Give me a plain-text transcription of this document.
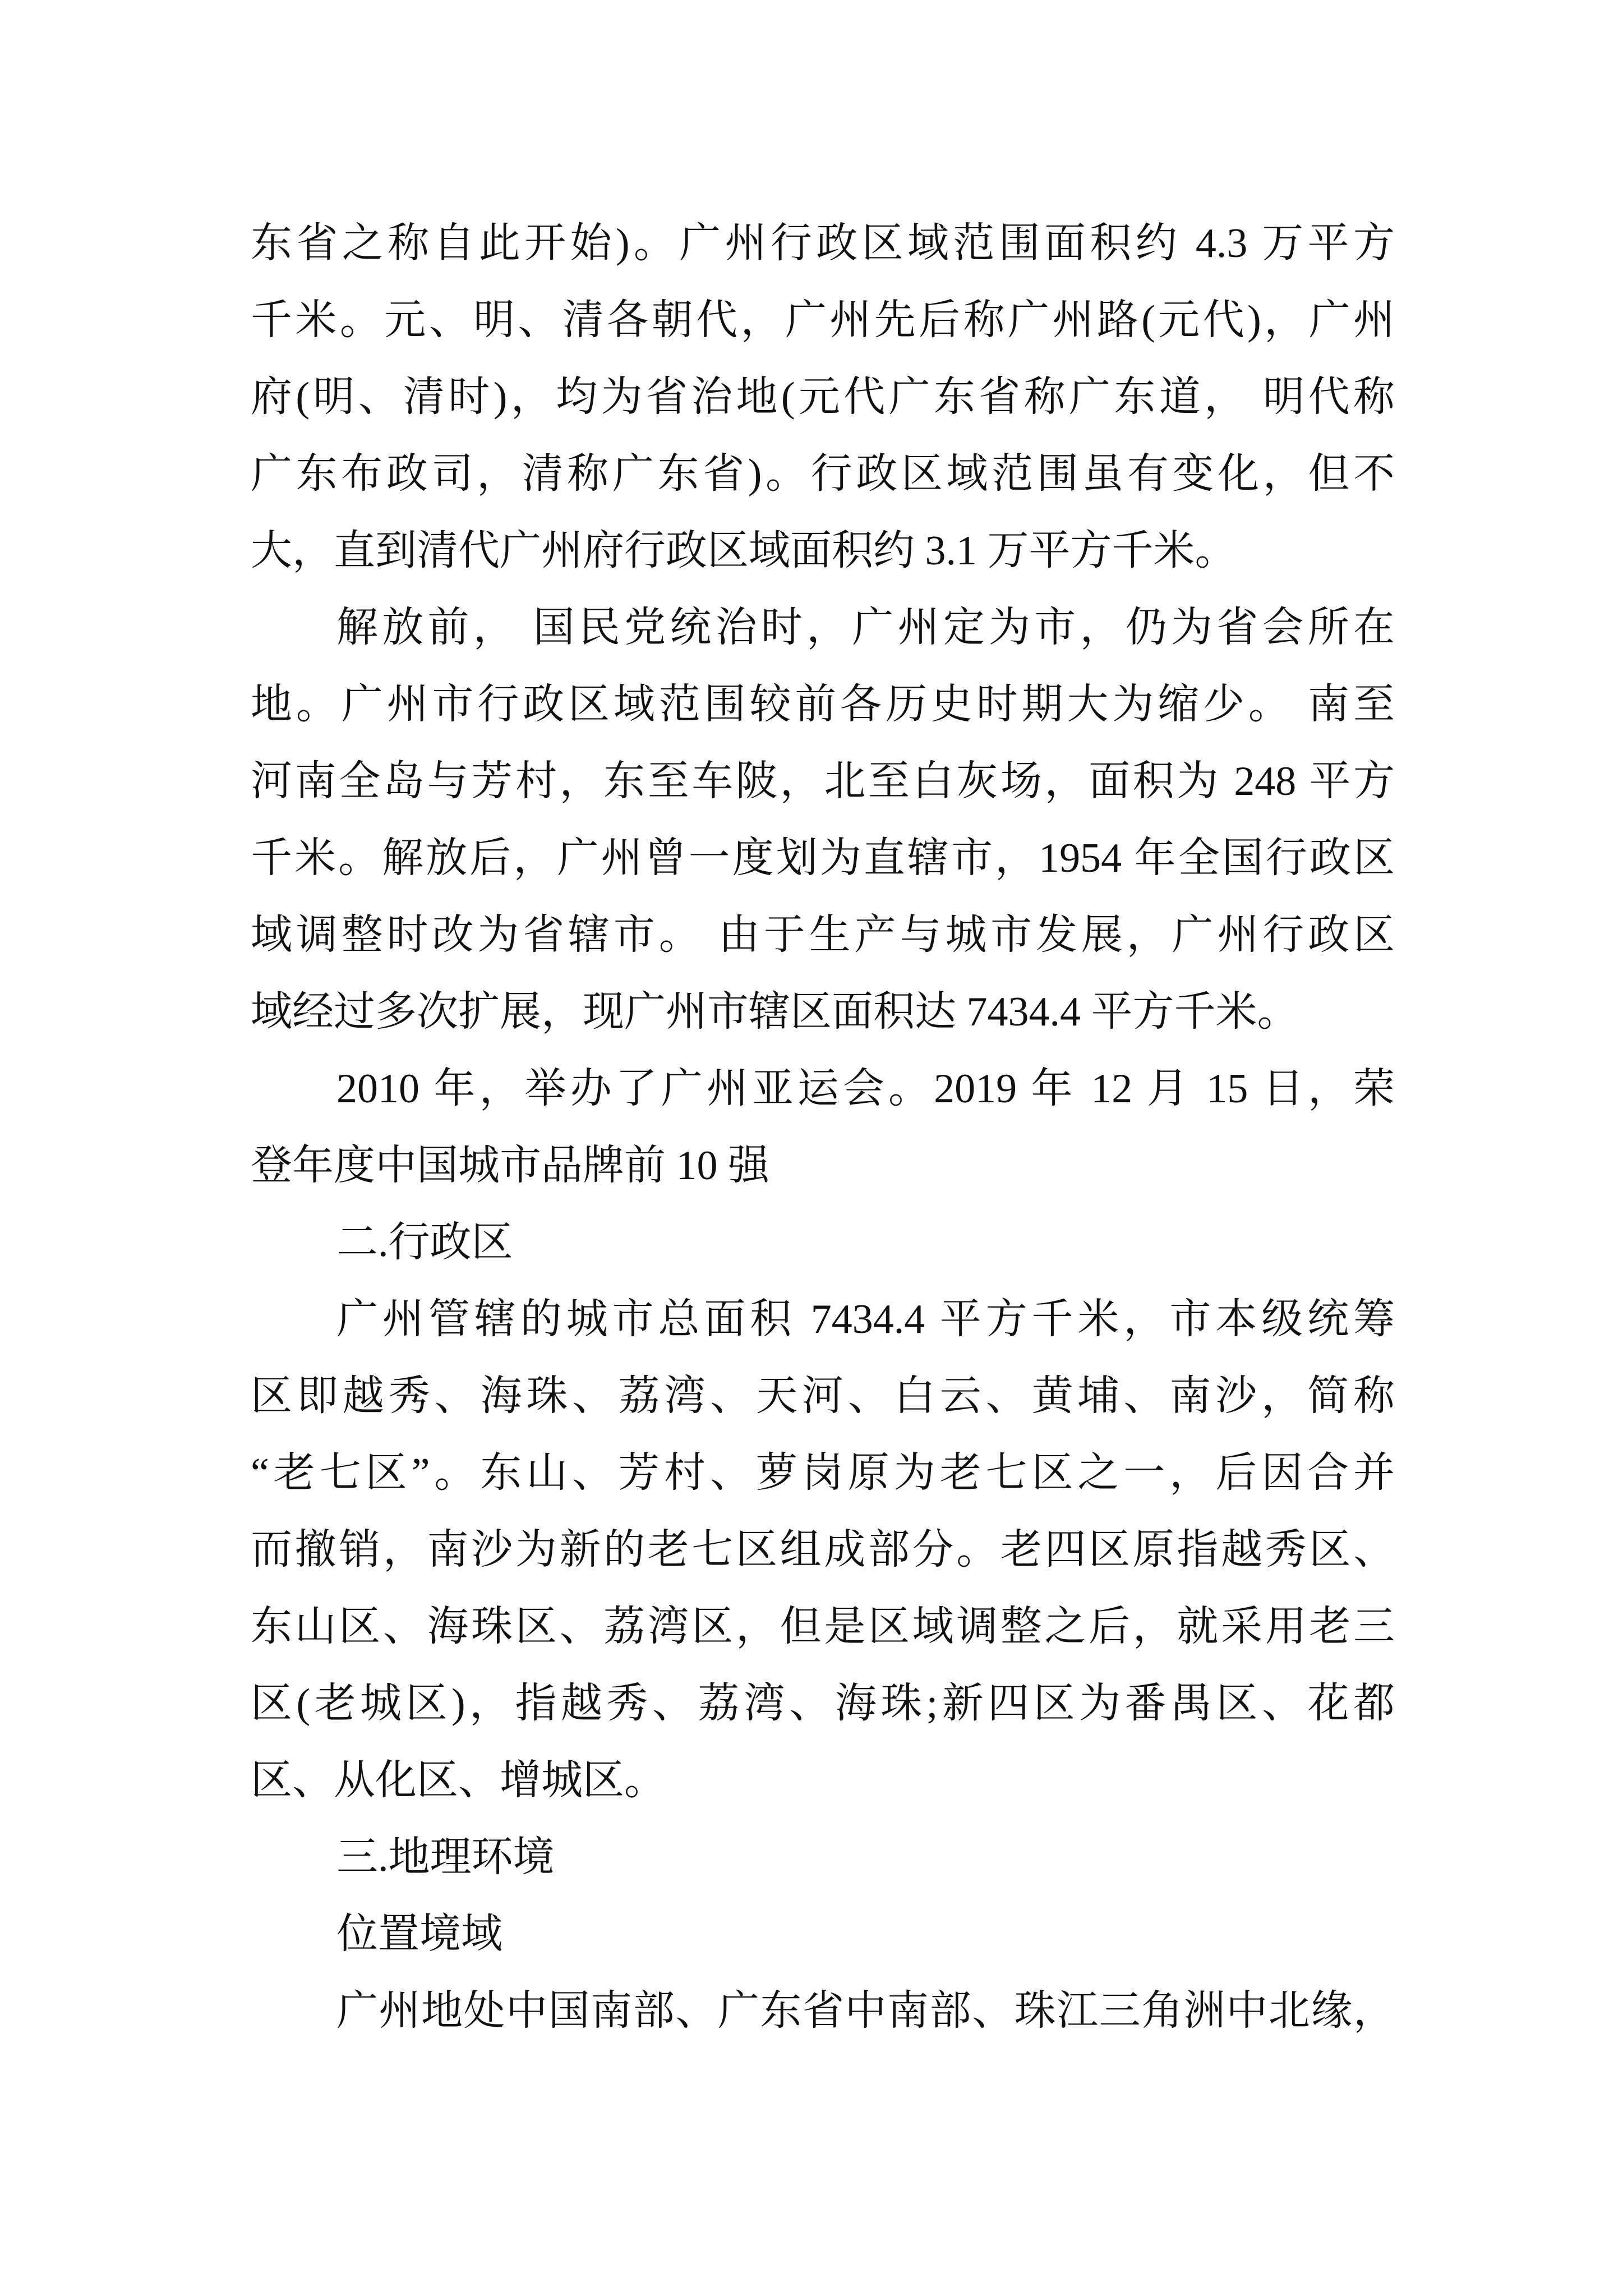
东省之称自此开始)。广州行政区域范围面积约 4.3 万平方
千米。元、明、清各朝代，广州先后称广州路(元代)，广州
府(明、清时)，均为省治地(元代广东省称广东道， 明代称
广东布政司，清称广东省)。行政区域范围虽有变化，但不
大，直到清代广州府行政区域面积约 3.1 万平方千米。
解放前， 国民党统治时，广州定为市，仍为省会所在
地。广州市行政区域范围较前各历史时期大为缩少。 南至
河南全岛与芳村，东至车陂，北至白灰场，面积为 248 平方
千米。解放后，广州曾一度划为直辖市，1954 年全国行政区
域调整时改为省辖市。 由于生产与城市发展，广州行政区
域经过多次扩展，现广州市辖区面积达 7434.4 平方千米。
2010 年，举办了广州亚运会。2019 年 12 月 15 日，荣
登年度中国城市品牌前 10 强
二.行政区
广州管辖的城市总面积 7434.4 平方千米，市本级统筹
区即越秀、海珠、荔湾、天河、白云、黄埔、南沙，简称
“老七区”。东山、芳村、萝岗原为老七区之一，后因合并
而撤销，南沙为新的老七区组成部分。老四区原指越秀区、
东山区、海珠区、荔湾区，但是区域调整之后，就采用老三
区(老城区)，指越秀、荔湾、海珠;新四区为番禺区、花都
区、从化区、增城区。
三.地理环境
位置境域
广州地处中国南部、广东省中南部、珠江三角洲中北缘，
